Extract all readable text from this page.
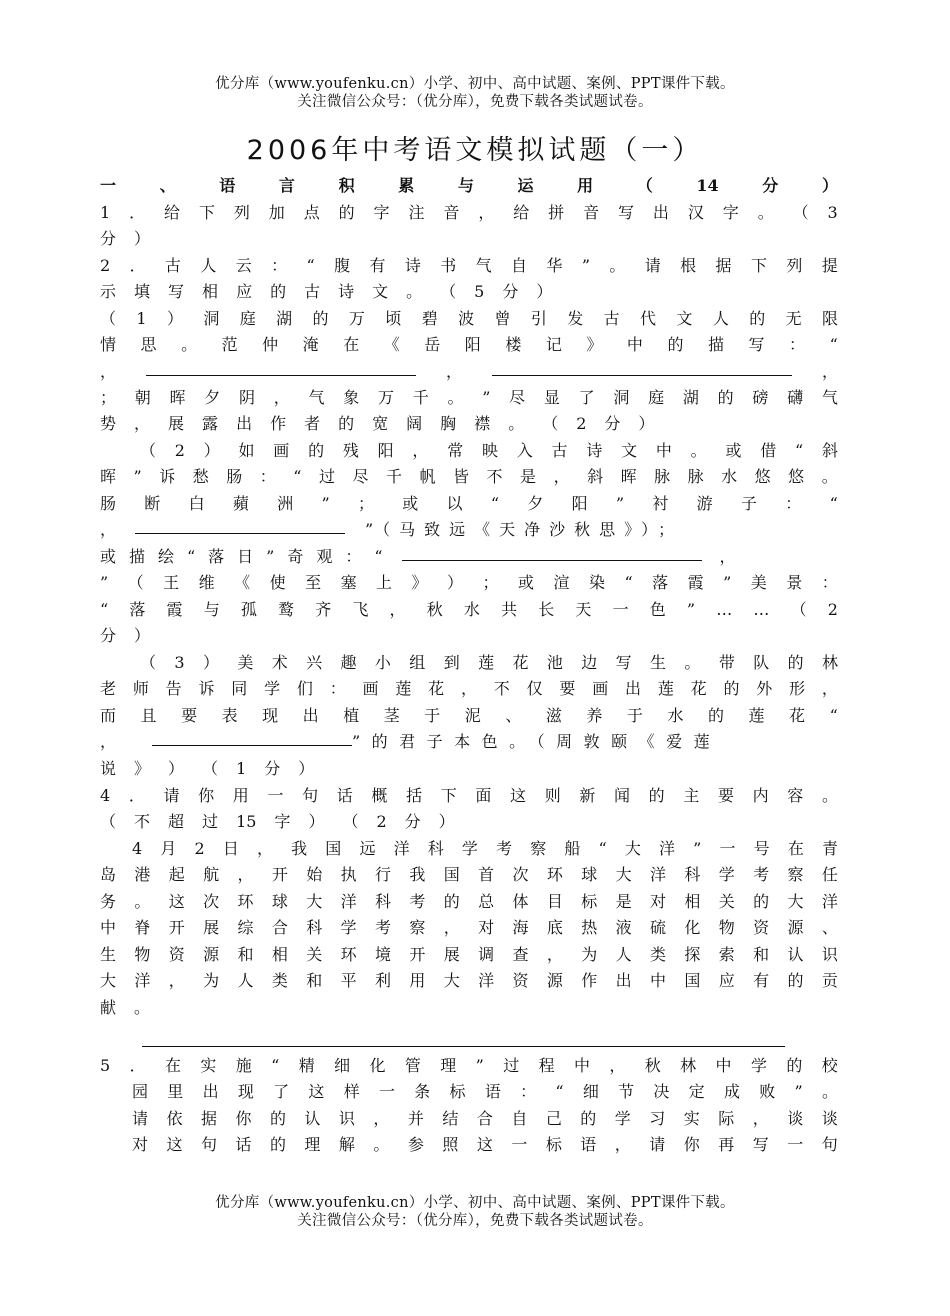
优分库（www.youfenku.cn）小学、初中、高中试题、案例、PPT课件下载。
关注微信公众号：（优分库），免费下载各类试题试卷。
2006年中考语文模拟试题（一）
一	、	语	言	积	累	与	运	用	（	14	分	）
1 ． 给 下 列 加 点 的 字 注 音 ， 给 拼 音 写 出 汉 字 。 （ 3
分 ）
2 ． 古 人 云 ： “ 腹 有 诗 书 气 自 华 ” 。 请 根 据 下 列 提
示 填 写 相 应 的 古 诗 文 。 （ 5 分 ）
（ 1 ） 洞 庭 湖 的 万 顷 碧 波 曾 引 发 古 代 文 人 的 无 限
情 思 。 范 仲 淹 在 《 岳 阳 楼 记 》 中 的 描 写 ： “
； 朝 晖 夕 阴 ， 气 象 万 千 。 ” 尽 显 了 洞 庭 湖 的 磅 礴 气
势 ， 展 露 出 作 者 的 宽 阔 胸 襟 。 （ 2 分 ）
（ 2 ） 如 画 的 残 阳 ， 常 映 入 古 诗 文 中 。 或 借 “ 斜
晖 ” 诉 愁 肠 ： “ 过 尽 千 帆 皆 不 是 ， 斜 晖 脉 脉 水 悠 悠 。
肠 断 白 蘋 洲 ” ； 或 以 “ 夕 阳 ” 衬 游 子 ： “
” （ 王 维 《 使 至 塞 上 》 ） ； 或 渲 染 “ 落 霞 ” 美 景 ：
“ 落 霞 与 孤 鹜 齐 飞 ， 秋 水 共 长 天 一 色 ” … … （ 2
分 ）
（ 3 ） 美 术 兴 趣 小 组 到 莲 花 池 边 写 生 。 带 队 的 林
老 师 告 诉 同 学 们 ： 画 莲 花 ， 不 仅 要 画 出 莲 花 的 外 形 ，
而 且 要 表 现 出 植 茎 于 泥 、 滋 养 于 水 的 莲 花 “
说 》 ） （ 1 分 ）
4 ． 请 你 用 一 句 话 概 括 下 面 这 则 新 闻 的 主 要 内 容 。
（ 不 超 过 15 字 ） （ 2 分 ）
4 月 2 日 ， 我 国 远 洋 科 学 考 察 船 “ 大 洋 ” 一 号 在 青
岛 港 起 航 ， 开 始 执 行 我 国 首 次 环 球 大 洋 科 学 考 察 任
务 。 这 次 环 球 大 洋 科 考 的 总 体 目 标 是 对 相 关 的 大 洋
中 脊 开 展 综 合 科 学 考 察 ， 对 海 底 热 液 硫 化 物 资 源 、
生 物 资 源 和 相 关 环 境 开 展 调 查 ， 为 人 类 探 索 和 认 识
大 洋 ， 为 人 类 和 平 利 用 大 洋 资 源 作 出 中 国 应 有 的 贡
献 。
5 ． 在 实 施 “ 精 细 化 管 理 ” 过 程 中 ， 秋 林 中 学 的 校
园 里 出 现 了 这 样 一 条 标 语 ： “ 细 节 决 定 成 败 ” 。
请 依 据 你 的 认 识 ， 并 结 合 自 己 的 学 习 实 际 ， 谈 谈
对 这 句 话 的 理 解 。 参 照 这 一 标 语 ， 请 你 再 写 一 句
，	，	，
，	”（马致远《天净沙秋思》）；
或描绘“落日”奇观：“	，
，	”的君子本色。（周敦颐《爱莲
优分库（www.youfenku.cn）小学、初中、高中试题、案例、PPT课件下载。
关注微信公众号：（优分库），免费下载各类试题试卷。
